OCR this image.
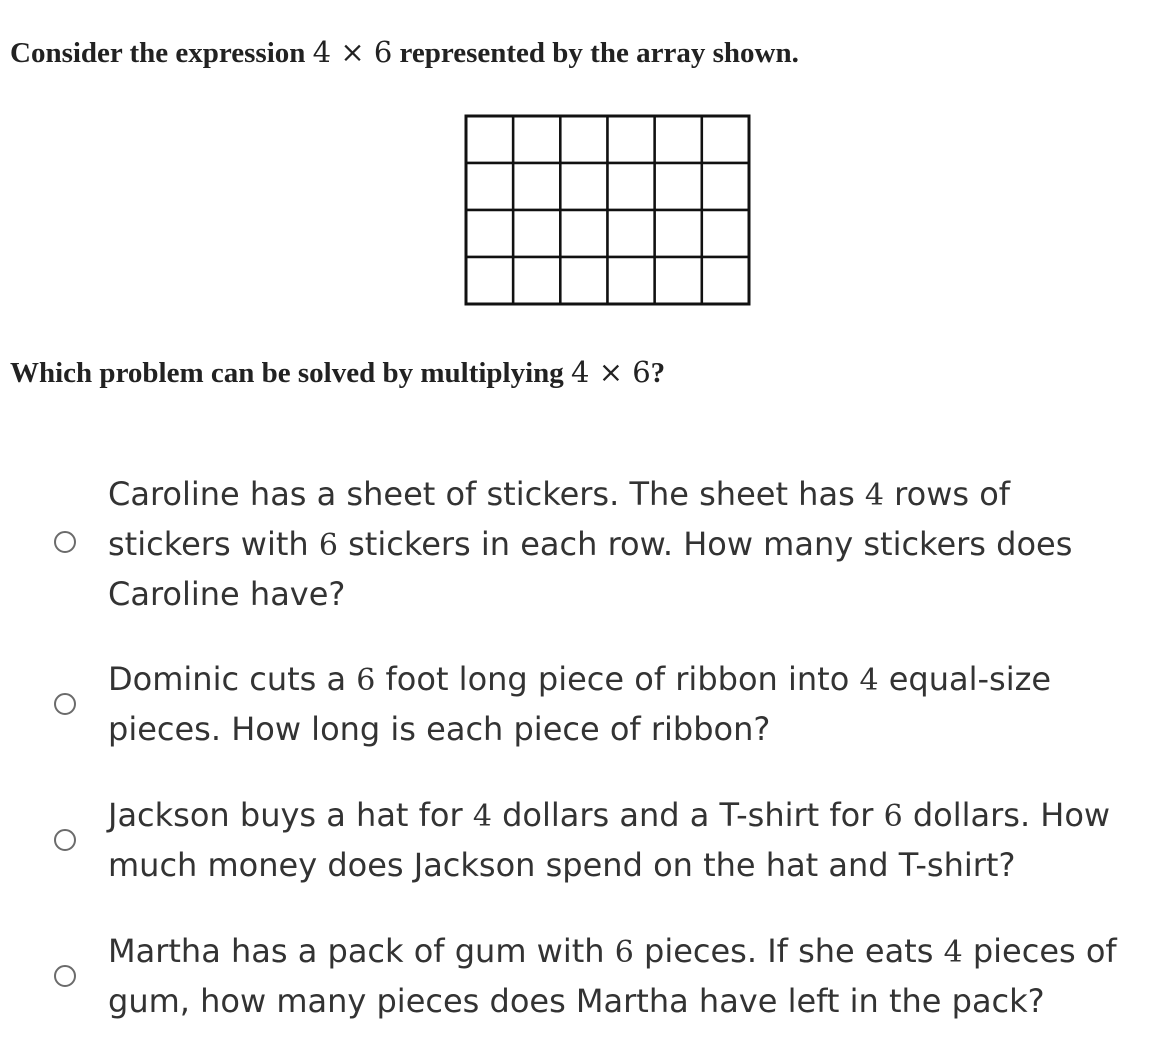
Consider the expression 4 × 6 represented by the array shown.
Which problem can be solved by multiplying 4 × 6?
Caroline has a sheet of stickers. The sheet has 4 rows of stickers with 6 stickers in each row. How many stickers does Caroline have?
Dominic cuts a 6 foot long piece of ribbon into 4 equal-size pieces. How long is each piece of ribbon?
Jackson buys a hat for 4 dollars and a T-shirt for 6 dollars. How much money does Jackson spend on the hat and T-shirt?
Martha has a pack of gum with 6 pieces. If she eats 4 pieces of gum, how many pieces does Martha have left in the pack?
